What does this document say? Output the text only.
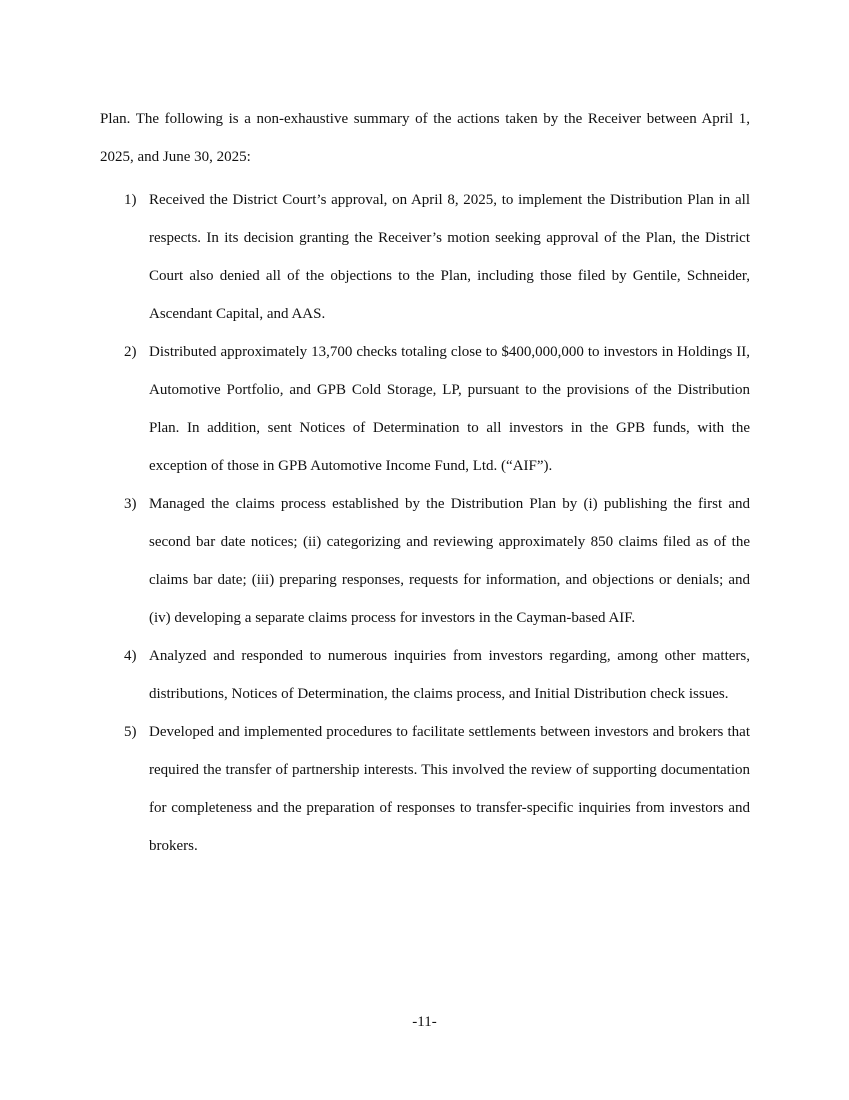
Plan. The following is a non-exhaustive summary of the actions taken by the Receiver between April 1, 2025, and June 30, 2025:

1) Received the District Court’s approval, on April 8, 2025, to implement the Distribution Plan in all respects. In its decision granting the Receiver’s motion seeking approval of the Plan, the District Court also denied all of the objections to the Plan, including those filed by Gentile, Schneider, Ascendant Capital, and AAS.
2) Distributed approximately 13,700 checks totaling close to $400,000,000 to investors in Holdings II, Automotive Portfolio, and GPB Cold Storage, LP, pursuant to the provisions of the Distribution Plan. In addition, sent Notices of Determination to all investors in the GPB funds, with the exception of those in GPB Automotive Income Fund, Ltd. (“AIF”).
3) Managed the claims process established by the Distribution Plan by (i) publishing the first and second bar date notices; (ii) categorizing and reviewing approximately 850 claims filed as of the claims bar date; (iii) preparing responses, requests for information, and objections or denials; and (iv) developing a separate claims process for investors in the Cayman-based AIF.
4) Analyzed and responded to numerous inquiries from investors regarding, among other matters, distributions, Notices of Determination, the claims process, and Initial Distribution check issues.
5) Developed and implemented procedures to facilitate settlements between investors and brokers that required the transfer of partnership interests. This involved the review of supporting documentation for completeness and the preparation of responses to transfer-specific inquiries from investors and brokers.
-11-
